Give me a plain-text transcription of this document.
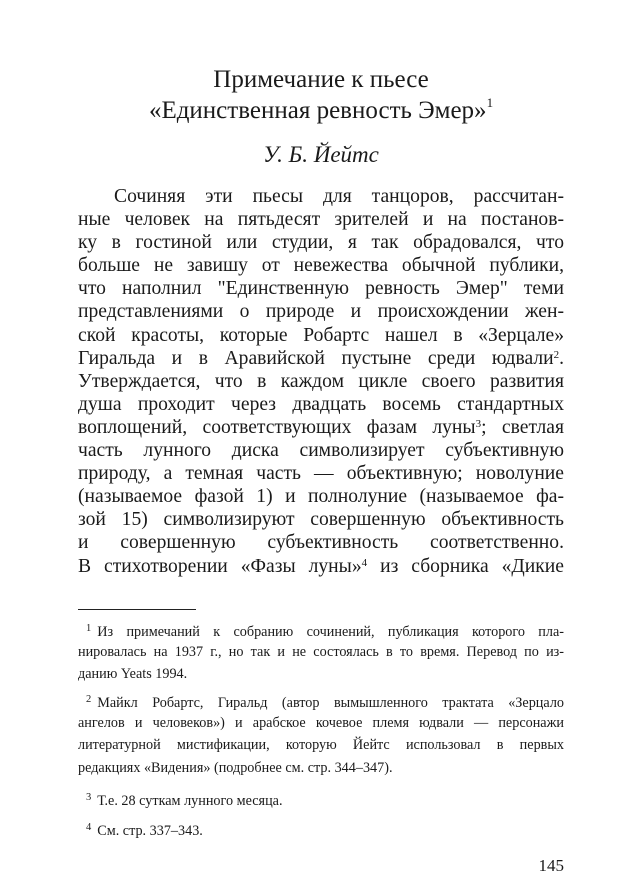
Примечание к пьесе
«Единственная ревность Эмер»$^1$
У. Б. Йейтс
Сочиняя эти пьесы для танцоров, рассчитан-
ные человек на пятьдесят зрителей и на постанов-
ку в гостиной или студии, я так обрадовался, что
больше не завишу от невежества обычной публики,
что наполнил "Единственную ревность Эмер" теми
представлениями о природе и происхождении жен-
ской красоты, которые Робартс нашел в «Зерцале»
Гиральда и в Аравийской пустыне среди юдвали$^2$.
Утверждается, что в каждом цикле своего развития
душа проходит через двадцать восемь стандартных
воплощений, соответствующих фазам луны$^3$; светлая
часть лунного диска символизирует субъективную
природу, а темная часть — объективную; новолуние
(называемое фазой 1) и полнолуние (называемое фа-
зой 15) символизируют совершенную объективность
и совершенную субъективность соответственно.
В стихотворении «Фазы луны»$^4$ из сборника «Дикие
$^1$ Из примечаний к собранию сочинений, публикация которого пла-
нировалась на 1937 г., но так и не состоялась в то время. Перевод по из-
данию Yeats 1994.
$^2$ Майкл Робартс, Гиральд (автор вымышленного трактата «Зерцало
ангелов и человеков») и арабское кочевое племя юдвали — персонажи
литературной мистификации, которую Йейтс использовал в первых
редакциях «Видения» (подробнее см. стр. 344–347).
$^3$ Т.е. 28 суткам лунного месяца.
$^4$ См. стр. 337–343.
145
